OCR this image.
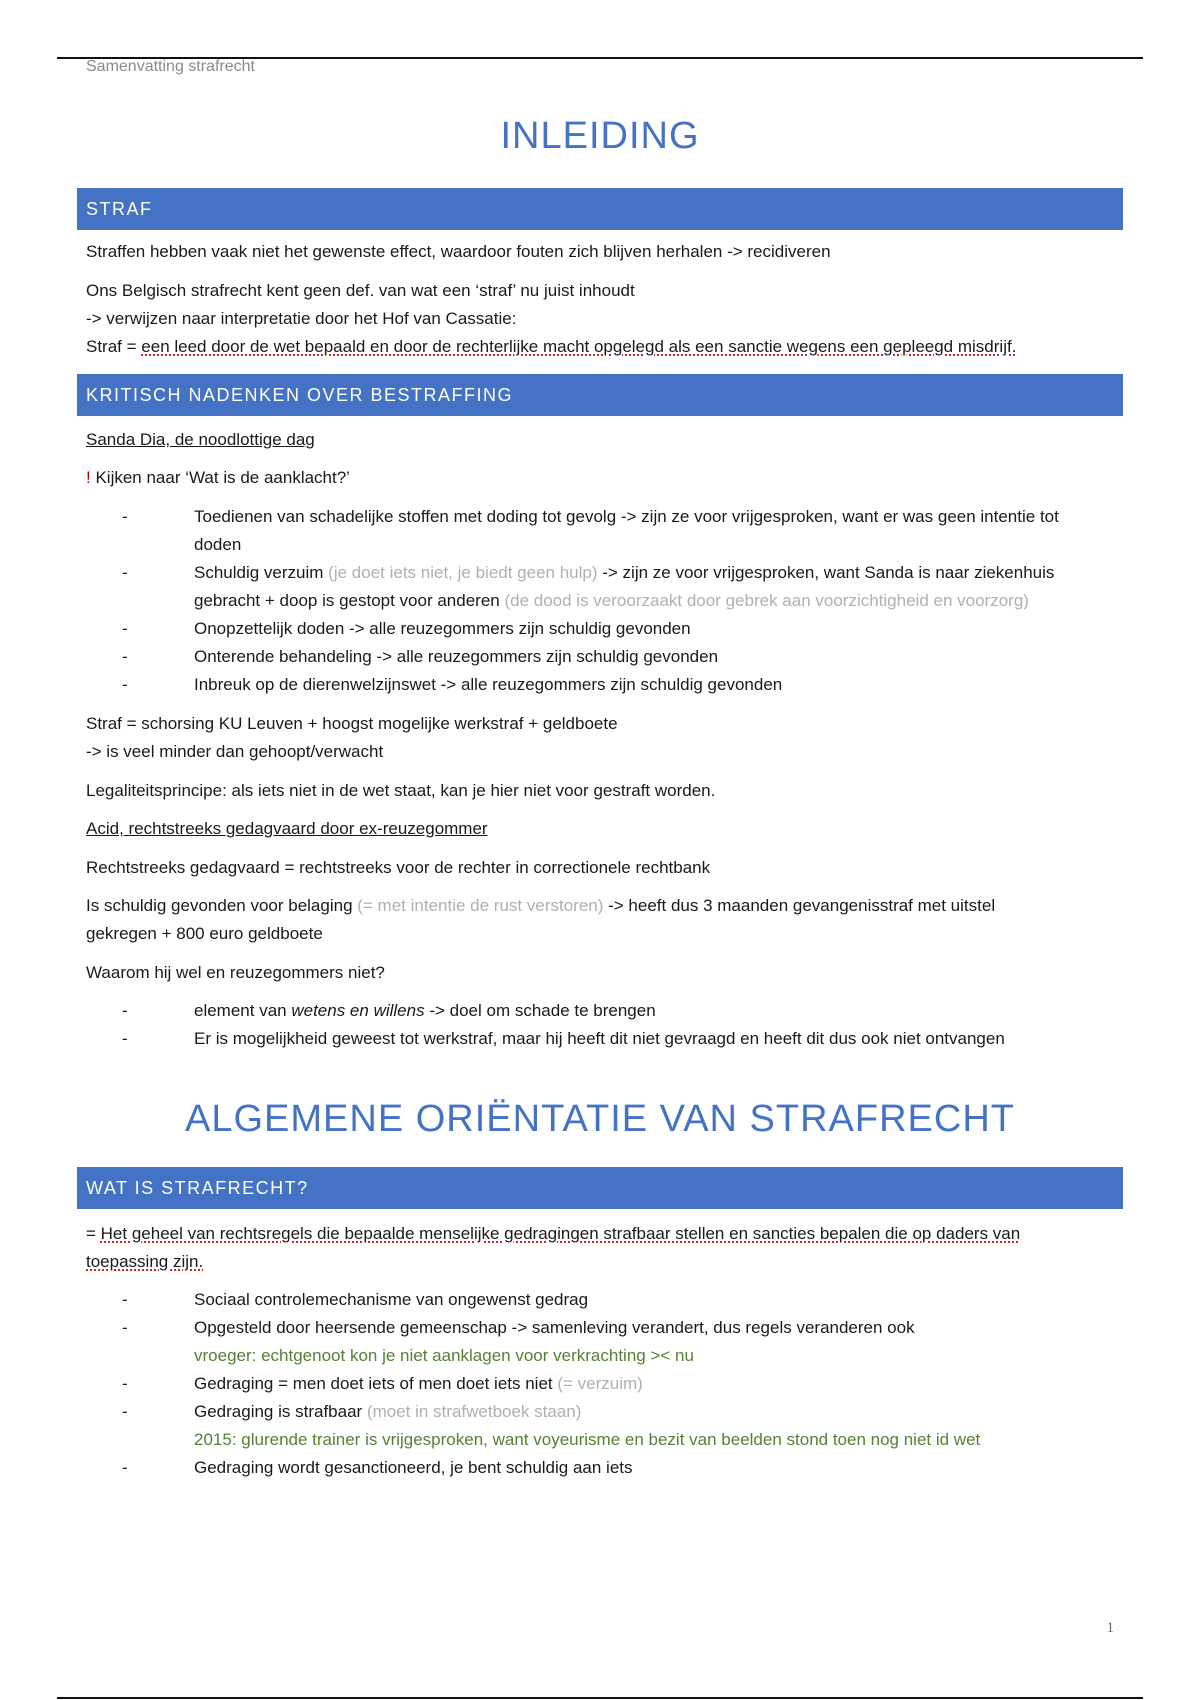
Samenvatting strafrecht
INLEIDING
STRAF

Straffen hebben vaak niet het gewenste effect, waardoor fouten zich blijven herhalen -> recidiveren

Ons Belgisch strafrecht kent geen def. van wat een ‘straf’ nu juist inhoudt
-> verwijzen naar interpretatie door het Hof van Cassatie:
Straf = een leed door de wet bepaald en door de rechterlijke macht opgelegd als een sanctie wegens een gepleegd misdrijf.

KRITISCH NADENKEN OVER BESTRAFFING

Sanda Dia, de noodlottige dag

! Kijken naar ‘Wat is de aanklacht?’

-	Toedienen van schadelijke stoffen met doding tot gevolg -> zijn ze voor vrijgesproken, want er was geen intentie tot
doden
-	Schuldig verzuim (je doet iets niet, je biedt geen hulp) -> zijn ze voor vrijgesproken, want Sanda is naar ziekenhuis
gebracht + doop is gestopt voor anderen (de dood is veroorzaakt door gebrek aan voorzichtigheid en voorzorg)
-	Onopzettelijk doden -> alle reuzegommers zijn schuldig gevonden
-	Onterende behandeling -> alle reuzegommers zijn schuldig gevonden
-	Inbreuk op de dierenwelzijnswet -> alle reuzegommers zijn schuldig gevonden

Straf = schorsing KU Leuven + hoogst mogelijke werkstraf + geldboete
-> is veel minder dan gehoopt/verwacht

Legaliteitsprincipe: als iets niet in de wet staat, kan je hier niet voor gestraft worden.

Acid, rechtstreeks gedagvaard door ex-reuzegommer

Rechtstreeks gedagvaard = rechtstreeks voor de rechter in correctionele rechtbank

Is schuldig gevonden voor belaging (= met intentie de rust verstoren) -> heeft dus 3 maanden gevangenisstraf met uitstel
gekregen + 800 euro geldboete

Waarom hij wel en reuzegommers niet?

-	element van wetens en willens -> doel om schade te brengen
-	Er is mogelijkheid geweest tot werkstraf, maar hij heeft dit niet gevraagd en heeft dit dus ook niet ontvangen
ALGEMENE ORIËNTATIE VAN STRAFRECHT
WAT IS STRAFRECHT?

= Het geheel van rechtsregels die bepaalde menselijke gedragingen strafbaar stellen en sancties bepalen die op daders van
toepassing zijn.

-	Sociaal controlemechanisme van ongewenst gedrag
-	Opgesteld door heersende gemeenschap -> samenleving verandert, dus regels veranderen ook
vroeger: echtgenoot kon je niet aanklagen voor verkrachting >< nu
-	Gedraging = men doet iets of men doet iets niet (= verzuim)
-	Gedraging is strafbaar (moet in strafwetboek staan)
2015: glurende trainer is vrijgesproken, want voyeurisme en bezit van beelden stond toen nog niet id wet
-	Gedraging wordt gesanctioneerd, je bent schuldig aan iets
1
